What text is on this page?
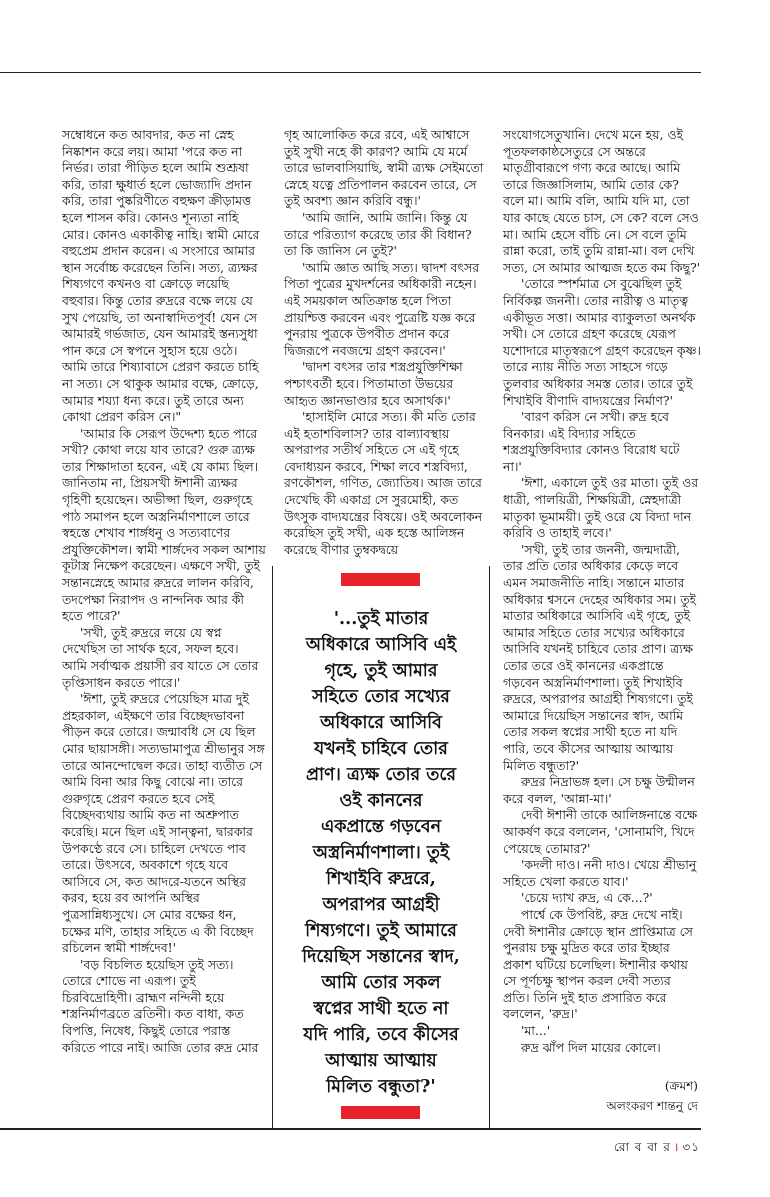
সম্বোধনে কত আবদার, কত না স্নেহ নিষ্কাশন করে লয়। আমা 'পরে কত না নির্ভর। তারা পীড়িত হলে আমি শুশ্রূষা করি, তারা ক্ষুধার্ত হলে ভোজ্যাদি প্রদান করি, তারা পুষ্করিণীতে বহুক্ষণ ক্রীড়ামত্ত হলে শাসন করি। কোনও শূন্যতা নাহি মোর। কোনও একাকীত্ব নাহি। স্বামী মোরে বহুপ্রেম প্রদান করেন। এ সংসারে আমার স্থান সর্বোচ্চ করেছেন তিনি। সত্য, ত্র্যক্ষর শিষ্যগণে কখনও বা ক্রোড়ে লয়েছি বহুবার। কিন্তু তোর রুদ্ররে বক্ষে লয়ে যে সুখ পেয়েছি, তা অনাস্বাদিতপূর্ব! যেন সে আমারই গর্ভজাত, যেন আমারই স্তন্যসুধা পান করে সে স্বপনে সুহাস হয়ে ওঠে। আমি তারে শিষ্যাবাসে প্রেরণ করতে চাহি না সত্য। সে থাকুক আমার বক্ষে, ক্রোড়ে, আমার শয্যা ধন্য করে। তুই তারে অন্য কোথা প্রেরণ করিস নে।"

'আমার কি সেরূপ উদ্দেশ্য হতে পারে সখী? কোথা লয়ে যাব তারে? গুরু ত্র্যক্ষ তার শিক্ষাদাতা হবেন, এই যে কাম্য ছিল। জানিতাম না, প্রিয়সখী ঈশানী ত্র্যক্ষর গৃহিণী হয়েছেন। অভীপ্সা ছিল, গুরুগৃহে পাঠ সমাপন হলে অস্ত্রনির্মাণশালে তারে স্বহস্তে শেখাব শার্ঙ্গধনু ও সত্যবাণের প্রযুক্তিকৌশল। স্বামী শার্ঙ্গদেব সকল আশায় কূটাস্ত্র নিক্ষেপ করেছেন। এক্ষণে সখী, তুই সন্তানস্নেহে আমার রুদ্ররে লালন করিবি, তদপেক্ষা নিরাপদ ও নান্দনিক আর কী হতে পারে?'

'সখী, তুই রুদ্ররে লয়ে যে স্বপ্ন দেখেছিস তা সার্থক হবে, সফল হবে। আমি সর্বাত্মক প্রয়াসী রব যাতে সে তোর তৃপ্তিসাধন করতে পারে।'

'ঈশা, তুই রুদ্ররে পেয়েছিস মাত্র দুই প্রহরকাল, এইক্ষণে তার বিচ্ছেদভাবনা পীড়ন করে তোরে। জন্মাবধি সে যে ছিল মোর ছায়াসঙ্গী। সত্যভামাপুত্র শ্রীভানুর সঙ্গ তারে আনন্দোদ্বেল করে। তাহা ব্যতীত সে আমি বিনা আর কিছু বোঝে না। তারে গুরুগৃহে প্রেরণ করতে হবে সেই বিচ্ছেদব্যথায় আমি কত না অশ্রুপাত করেছি। মনে ছিল এই সান্ত্বনা, দ্বারকার উপকণ্ঠে রবে সে। চাহিলে দেখতে পাব তারে। উৎসবে, অবকাশে গৃহে যবে আসিবে সে, কত আদরে-যতনে অস্থির করব, হয়ে রব আপনি অস্থির পুত্রসান্নিধ্যসুখে। সে মোর বক্ষের ধন, চক্ষের মণি, তাহার সহিতে এ কী বিচ্ছেদ রচিলেন স্বামী শার্ঙ্গদেব!'

'বড় বিচলিত হয়েছিস তুই সত্য। তোরে শোভে না এরূপ। তুই চিরবিদ্রোহিণী। ব্রাহ্মণ নন্দিনী হয়ে শস্ত্রনির্মাণব্রতে ব্রতিনী। কত বাধা, কত বিপত্তি, নিষেধ, কিছুই তোরে পরাস্ত করিতে পারে নাই। আজি তোর রুদ্র মোর

গৃহ আলোকিত করে রবে, এই আশ্বাসে তুই সুখী নহে কী কারণ? আমি যে মর্মে তারে ভালবাসিয়াছি, স্বামী ত্র্যক্ষ সেইমতো স্নেহে যত্নে প্রতিপালন করবেন তারে, সে তুই অবশ্য জ্ঞান করিবি বন্ধু।'

'আমি জানি, আমি জানি। কিন্তু যে তারে পরিত্যাগ করেছে তার কী বিধান? তা কি জানিস নে তুই?'

'আমি জ্ঞাত আছি সত্য। দ্বাদশ বৎসর পিতা পুত্রের মুখদর্শনের অধিকারী নহেন। এই সময়কাল অতিক্রান্ত হলে পিতা প্রায়শ্চিত্ত করবেন এবং পুত্রেষ্টি যজ্ঞ করে পুনরায় পুত্রকে উপবীত প্রদান করে দ্বিজরূপে নবজন্মে গ্রহণ করবেন।'

'দ্বাদশ বৎসর তার শস্ত্রপ্রযুক্তিশিক্ষা পশ্চাৎবর্তী হবে। পিতামাতা উভয়ের আহৃত জ্ঞানভাণ্ডার হবে অসার্থক।'

'হাসাইলি মোরে সত্য। কী মতি তোর এই হতাশবিলাস? তার বাল্যাবস্থায় অপরাপর সতীর্থ সহিতে সে এই গৃহে বেদাধ্যয়ন করবে, শিক্ষা লবে শস্ত্রবিদ্যা, রণকৌশল, গণিত, জ্যোতিষ। আজ তারে দেখেছি কী একাগ্র সে সুরমোহী, কত উৎসুক বাদ্যযন্ত্রের বিষয়ে। ওই অবলোকন করেছিস তুই সখী, এক হস্তে আলিঙ্গন করেছে বীণার তুম্বকদ্বয়ে

সংযোগসেতুখানি। দেখে মনে হয়, ওই পূতফলকাষ্ঠসেতুরে সে অন্তরে মাতৃগ্রীবারূপে গণ্য করে আছে। আমি তারে জিজ্ঞাসিলাম, আমি তোর কে? বলে মা। আমি বলি, আমি যদি মা, তো যার কাছে যেতে চাস, সে কে? বলে সেও মা। আমি হেসে বাঁচি নে। সে বলে তুমি রান্না করো, তাই তুমি রান্না-মা। বল দেখি সত্য, সে আমার আত্মজ হতে কম কিছু?'

'তোরে স্পর্শমাত্র সে বুঝেছিল তুই নির্বিকল্প জননী। তোর নারীত্ব ও মাতৃত্ব একীভূত সত্তা। আমার ব্যাকুলতা অনর্থক সখী। সে তোরে গ্রহণ করেছে যেরূপ যশোদারে মাতৃস্বরূপে গ্রহণ করেছেন কৃষ্ণ। তারে ন্যায় নীতি সত্য সাহসে গড়ে তুলবার অধিকার সমস্ত তোর। তারে তুই শিখাইবি বীণাদি বাদ্যযন্ত্রের নির্মাণ?'

'বারণ করিস নে সখী। রুদ্র হবে বিনকার। এই বিদ্যার সহিতে শস্ত্রপ্রযুক্তিবিদ্যার কোনও বিরোধ ঘটে না।'

'ঈশা, একালে তুই ওর মাতা। তুই ওর ধাত্রী, পালয়িত্রী, শিক্ষয়িত্রী, স্নেহদাত্রী মাতৃকা ভূমাময়ী। তুই ওরে যে বিদ্যা দান করিবি ও তাহাই লবে।'

'সখী, তুই তার জননী, জন্মদাত্রী, তার প্রতি তোর অধিকার কেড়ে লবে এমন সমাজনীতি নাহি। সন্তানে মাতার অধিকার শ্বসনে দেহের অধিকার সম। তুই মাতার অধিকারে আসিবি এই গৃহে, তুই আমার সহিতে তোর সখ্যের অধিকারে আসিবি যখনই চাহিবে তোর প্রাণ। ত্র্যক্ষ তোর তরে ওই কাননের একপ্রান্তে গড়বেন অস্ত্রনির্মাণশালা। তুই শিখাইবি রুদ্ররে, অপরাপর আগ্রহী শিষ্যগণে। তুই আমারে দিয়েছিস সন্তানের স্বাদ, আমি তোর সকল স্বপ্নের সাথী হতে না যদি পারি, তবে কীসের আত্মায় আত্মায় মিলিত বন্ধুতা?'

রুদ্রর নিদ্রাভঙ্গ হল। সে চক্ষু উন্মীলন করে বলল, 'আন্না-মা।'

দেবী ঈশানী তাকে আলিঙ্গনান্তে বক্ষে আকর্ষণ করে বললেন, 'সোনামণি, খিদে পেয়েছে তোমার?'

'কদলী দাও। ননী দাও। খেয়ে শ্রীভানু সহিতে খেলা করতে যাব।'

'চেয়ে দ্যাখ রুদ্র, এ কে...?'

পার্শ্বে কে উপবিষ্ট, রুদ্র দেখে নাই। দেবী ঈশানীর ক্রোড়ে স্থান প্রাপ্তিমাত্র সে পুনরায় চক্ষু মুদ্রিত করে তার ইচ্ছার প্রকাশ ঘটিয়ে চলেছিল। ঈশানীর কথায় সে পূর্ণচক্ষু স্থাপন করল দেবী সত্যর প্রতি। তিনি দুই হাত প্রসারিত করে বললেন, 'রুদ্র।'

'মা...'

রুদ্র ঝাঁপ দিল মায়ের কোলে।

'...তুই মাতার
অধিকারে আসিবি এই
গৃহে, তুই আমার
সহিতে তোর সখ্যের
অধিকারে আসিবি
যখনই চাহিবে তোর
প্রাণ। ত্র্যক্ষ তোর তরে
ওই কাননের
একপ্রান্তে গড়বেন
অস্ত্রনির্মাণশালা। তুই
শিখাইবি রুদ্ররে,
অপরাপর আগ্রহী
শিষ্যগণে। তুই আমারে
দিয়েছিস সন্তানের স্বাদ,
আমি তোর সকল
স্বপ্নের সাথী হতে না
যদি পারি, তবে কীসের
আত্মায় আত্মায়
মিলিত বন্ধুতা?'	(ক্রমশ)
অলংকরণ শান্তনু দে
রো ব বা র । ৩১
